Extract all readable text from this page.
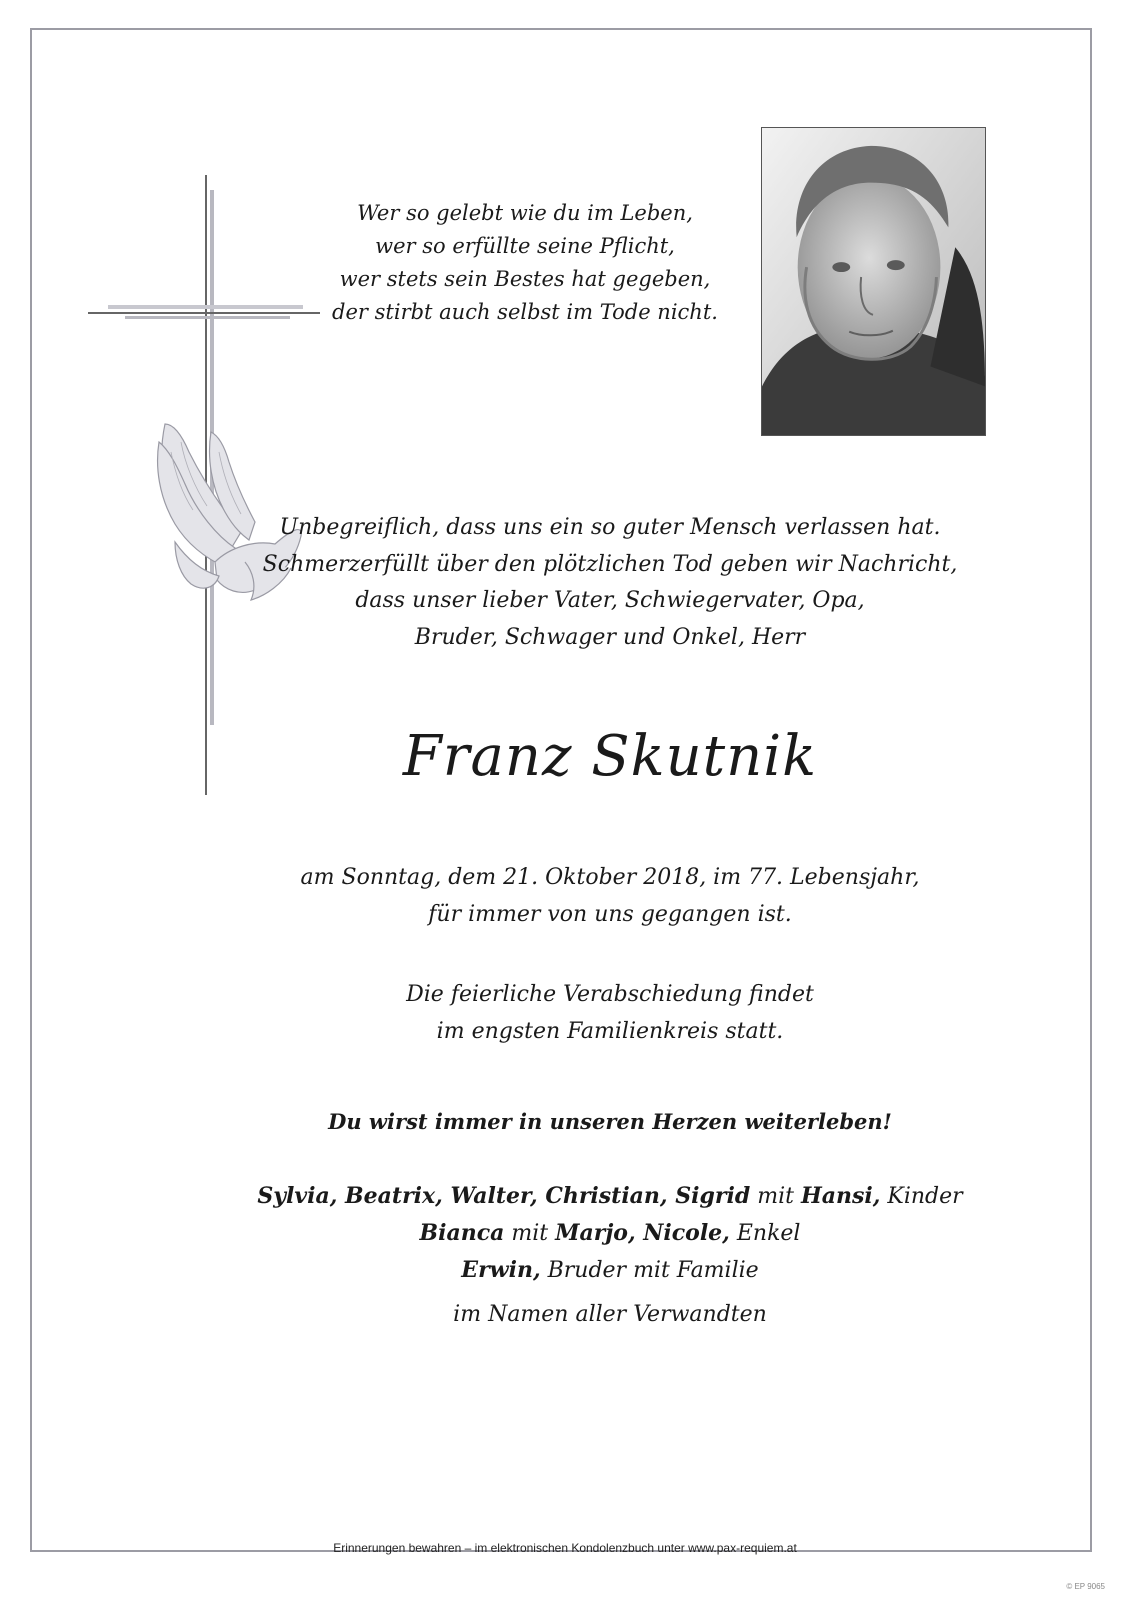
Wer so gelebt wie du im Leben,
wer so erfüllte seine Pflicht,
wer stets sein Bestes hat gegeben,
der stirbt auch selbst im Tode nicht.
Unbegreiflich, dass uns ein so guter Mensch verlassen hat.
Schmerzerfüllt über den plötzlichen Tod geben wir Nachricht,
dass unser lieber Vater, Schwiegervater, Opa,
Bruder, Schwager und Onkel, Herr
Franz Skutnik
am Sonntag, dem 21. Oktober 2018, im 77. Lebensjahr,
für immer von uns gegangen ist.
Die feierliche Verabschiedung findet
im engsten Familienkreis statt.
Du wirst immer in unseren Herzen weiterleben!
Sylvia, Beatrix, Walter, Christian, Sigrid mit Hansi, Kinder
Bianca mit Marjo, Nicole, Enkel
Erwin, Bruder mit Familie
im Namen aller Verwandten
Erinnerungen bewahren – im elektronischen Kondolenzbuch unter www.pax-requiem.at
© EP 9065
